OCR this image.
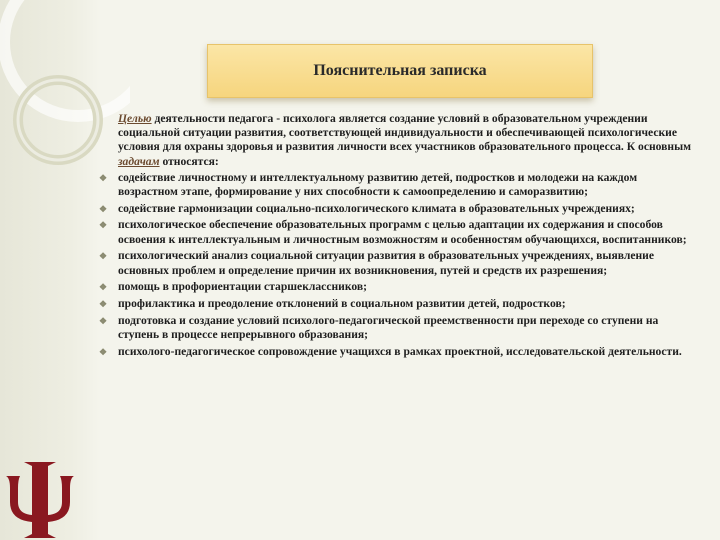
Пояснительная записка
Целью деятельности педагога - психолога является создание условий в образовательном учреждении социальной ситуации развития, соответствующей индивидуальности и обеспечивающей психологические условия для охраны здоровья и развития личности всех участников образовательного процесса. К основным задачам относятся:
❖ содействие личностному и интеллектуальному развитию детей, подростков и молодежи на каждом возрастном этапе, формирование у них способности к самоопределению и саморазвитию;
❖ содействие гармонизации социально-психологического климата в образовательных учреждениях;
❖ психологическое обеспечение образовательных программ с целью адаптации их содержания и способов освоения к интеллектуальным и личностным возможностям и особенностям обучающихся, воспитанников;
❖ психологический анализ социальной ситуации развития в образовательных учреждениях, выявление основных проблем и определение причин их возникновения, путей и средств их разрешения;
❖ помощь в профориентации старшеклассников;
❖ профилактика и преодоление отклонений в социальном развитии детей, подростков;
❖ подготовка и создание условий психолого-педагогической преемственности при переходе со ступени на ступень в процессе непрерывного образования;
❖ психолого-педагогическое сопровождение учащихся в рамках проектной, исследовательской деятельности.
